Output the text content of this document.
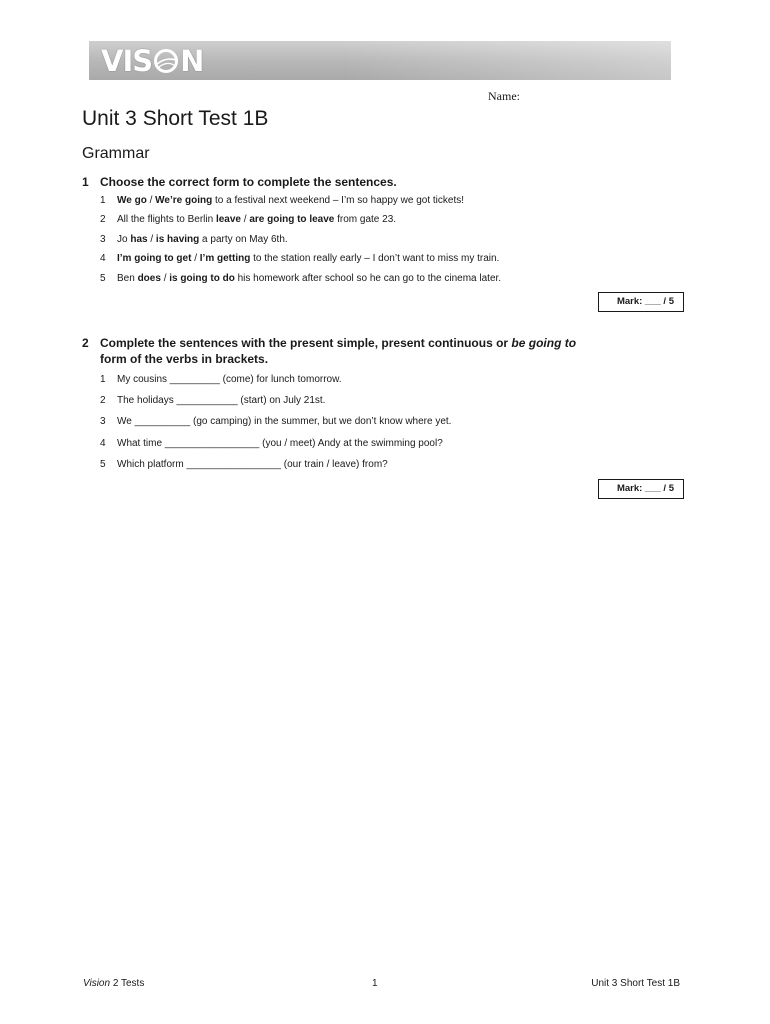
VIS N
Name:
Unit 3 Short Test 1B
Grammar
1 Choose the correct form to complete the sentences.
1 We go / We’re going to a festival next weekend – I’m so happy we got tickets!
2 All the flights to Berlin leave / are going to leave from gate 23.
3 Jo has / is having a party on May 6th.
4 I’m going to get / I’m getting to the station really early – I don’t want to miss my train.
5 Ben does / is going to do his homework after school so he can go to the cinema later.
Mark: ___ / 5
2 Complete the sentences with the present simple, present continuous or be going to form of the verbs in brackets.
1 My cousins _________ (come) for lunch tomorrow.
2 The holidays ___________ (start) on July 21st.
3 We __________ (go camping) in the summer, but we don’t know where yet.
4 What time _________________ (you / meet) Andy at the swimming pool?
5 Which platform _________________ (our train / leave) from?
Mark: ___ / 5
Vision 2 Tests	1	Unit 3 Short Test 1B
